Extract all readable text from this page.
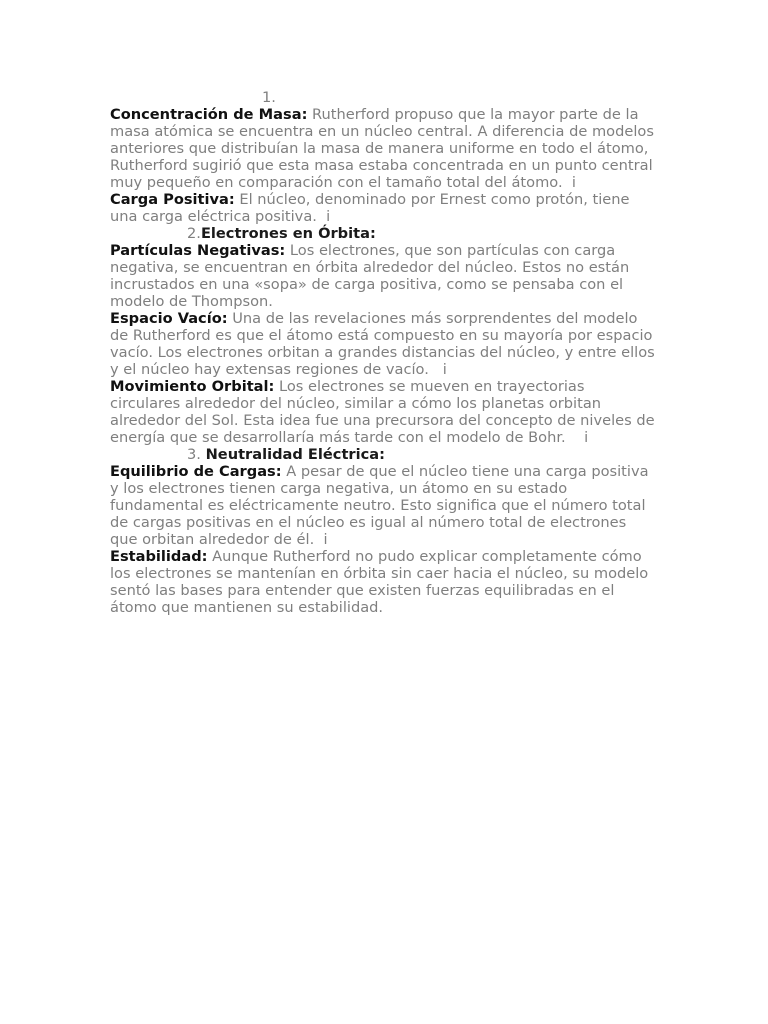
1.

Concentración de Masa: Rutherford propuso que la mayor parte de la masa atómica se encuentra en un núcleo central. A diferencia de modelos anteriores que distribuían la masa de manera uniforme en todo el átomo, Rutherford sugirió que esta masa estaba concentrada en un punto central muy pequeño en comparación con el tamaño total del átomo.  i

Carga Positiva: El núcleo, denominado por Ernest como protón, tiene una carga eléctrica positiva.  i

2.Electrones en Órbita:

Partículas Negativas: Los electrones, que son partículas con carga negativa, se encuentran en órbita alrededor del núcleo. Estos no están incrustados en una «sopa» de carga positiva, como se pensaba con el modelo de Thompson.

Espacio Vacío: Una de las revelaciones más sorprendentes del modelo de Rutherford es que el átomo está compuesto en su mayoría por espacio vacío. Los electrones orbitan a grandes distancias del núcleo, y entre ellos y el núcleo hay extensas regiones de vacío.   i

Movimiento Orbital: Los electrones se mueven en trayectorias circulares alrededor del núcleo, similar a cómo los planetas orbitan alrededor del Sol. Esta idea fue una precursora del concepto de niveles de energía que se desarrollaría más tarde con el modelo de Bohr.    i

3. Neutralidad Eléctrica:

Equilibrio de Cargas: A pesar de que el núcleo tiene una carga positiva y los electrones tienen carga negativa, un átomo en su estado fundamental es eléctricamente neutro. Esto significa que el número total de cargas positivas en el núcleo es igual al número total de electrones que orbitan alrededor de él.  i

Estabilidad: Aunque Rutherford no pudo explicar completamente cómo los electrones se mantenían en órbita sin caer hacia el núcleo, su modelo sentó las bases para entender que existen fuerzas equilibradas en el átomo que mantienen su estabilidad.
